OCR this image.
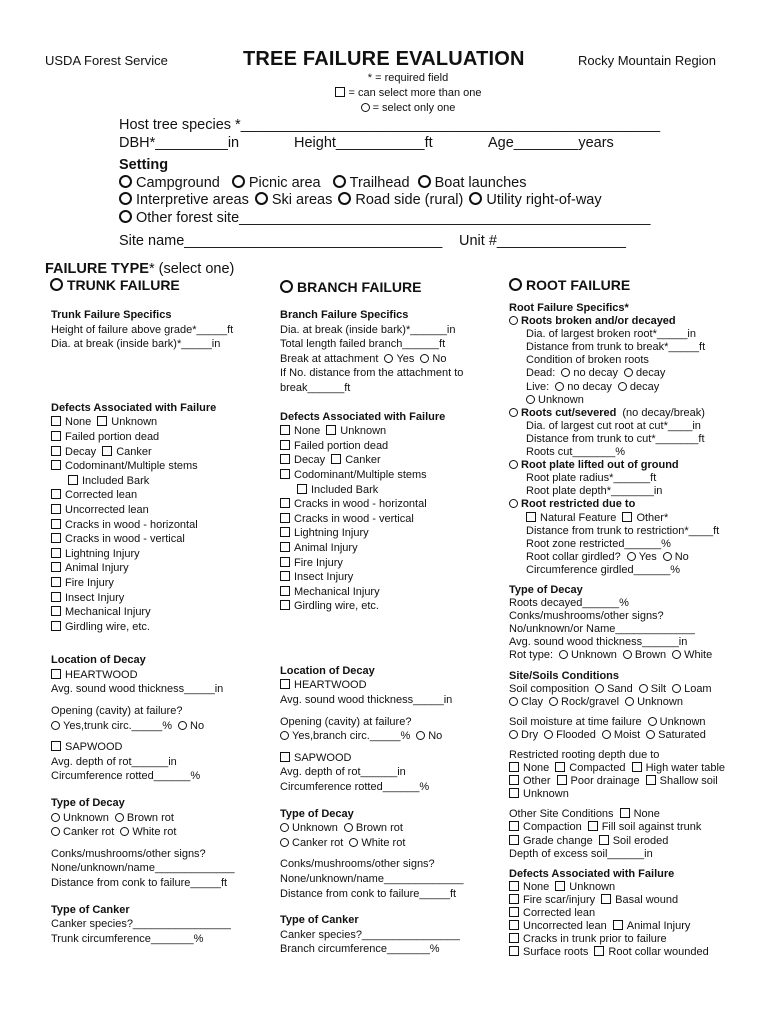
USDA Forest Service	TREE FAILURE EVALUATION	Rocky Mountain Region
* = required field
= can select more than one
= select only one
Host tree species *____________________________________________________
DBH*_________in	Height___________ft	Age________years
Setting
Campground Picnic area Trailhead Boat launches
Interpretive areas Ski areas Road side (rural) Utility right-of-way
Other forest site___________________________________________________
Site name________________________________ Unit #________________
FAILURE TYPE* (select one)
TRUNK FAILURE	BRANCH FAILURE	ROOT FAILURE
Trunk Failure Specifics
Height of failure above grade*_____ft
Dia. at break (inside bark)*_____in
Defects Associated with Failure
None Unknown
Failed portion dead
Decay Canker
Codominant/Multiple stems
Included Bark
Corrected lean
Uncorrected lean
Cracks in wood - horizontal
Cracks in wood - vertical
Lightning Injury
Animal Injury
Fire Injury
Insect Injury
Mechanical Injury
Girdling wire, etc.
Location of Decay
HEARTWOOD
Avg. sound wood thickness_____in
Opening (cavity) at failure?
Yes,trunk circ._____% No
SAPWOOD
Avg. depth of rot______in
Circumference rotted______%
Type of Decay
Unknown Brown rot
Canker rot White rot
Conks/mushrooms/other signs?
None/unknown/name_____________
Distance from conk to failure_____ft
Type of Canker
Canker species?________________
Trunk circumference_______%
Branch Failure Specifics
Dia. at break (inside bark)*______in
Total length failed branch______ft
Break at attachment Yes No
If No. distance from the attachment to
break______ft
Defects Associated with Failure
None Unknown
Failed portion dead
Decay Canker
Codominant/Multiple stems
Included Bark
Cracks in wood - horizontal
Cracks in wood - vertical
Lightning Injury
Animal Injury
Fire Injury
Insect Injury
Mechanical Injury
Girdling wire, etc.
Location of Decay
HEARTWOOD
Avg. sound wood thickness_____in
Opening (cavity) at failure?
Yes,branch circ._____% No
SAPWOOD
Avg. depth of rot______in
Circumference rotted______%
Type of Decay
Unknown Brown rot
Canker rot White rot
Conks/mushrooms/other signs?
None/unknown/name_____________
Distance from conk to failure_____ft
Type of Canker
Canker species?________________
Branch circumference_______%
Root Failure Specifics*
Roots broken and/or decayed
Dia. of largest broken root*_____in
Distance from trunk to break*_____ft
Condition of broken roots
Dead: no decay decay
Live: no decay decay
Unknown
Roots cut/severed (no decay/break)
Dia. of largest cut root at cut*____in
Distance from trunk to cut*_______ft
Roots cut_______%
Root plate lifted out of ground
Root plate radius*______ft
Root plate depth*_______in
Root restricted due to
Natural Feature Other*
Distance from trunk to restriction*____ft
Root zone restricted______%
Root collar girdled? Yes No
Circumference girdled______%
Type of Decay
Roots decayed______%
Conks/mushrooms/other signs?
No/unknown/or Name_____________
Avg. sound wood thickness______in
Rot type: Unknown Brown White
Site/Soils Conditions
Soil composition Sand Silt Loam
Clay Rock/gravel Unknown
Soil moisture at time failure Unknown
Dry Flooded Moist Saturated
Restricted rooting depth due to
None Compacted High water table
Other Poor drainage Shallow soil
Unknown
Other Site Conditions None
Compaction Fill soil against trunk
Grade change Soil eroded
Depth of excess soil______in
Defects Associated with Failure
None Unknown
Fire scar/injury Basal wound
Corrected lean
Uncorrected lean Animal Injury
Cracks in trunk prior to failure
Surface roots Root collar wounded
